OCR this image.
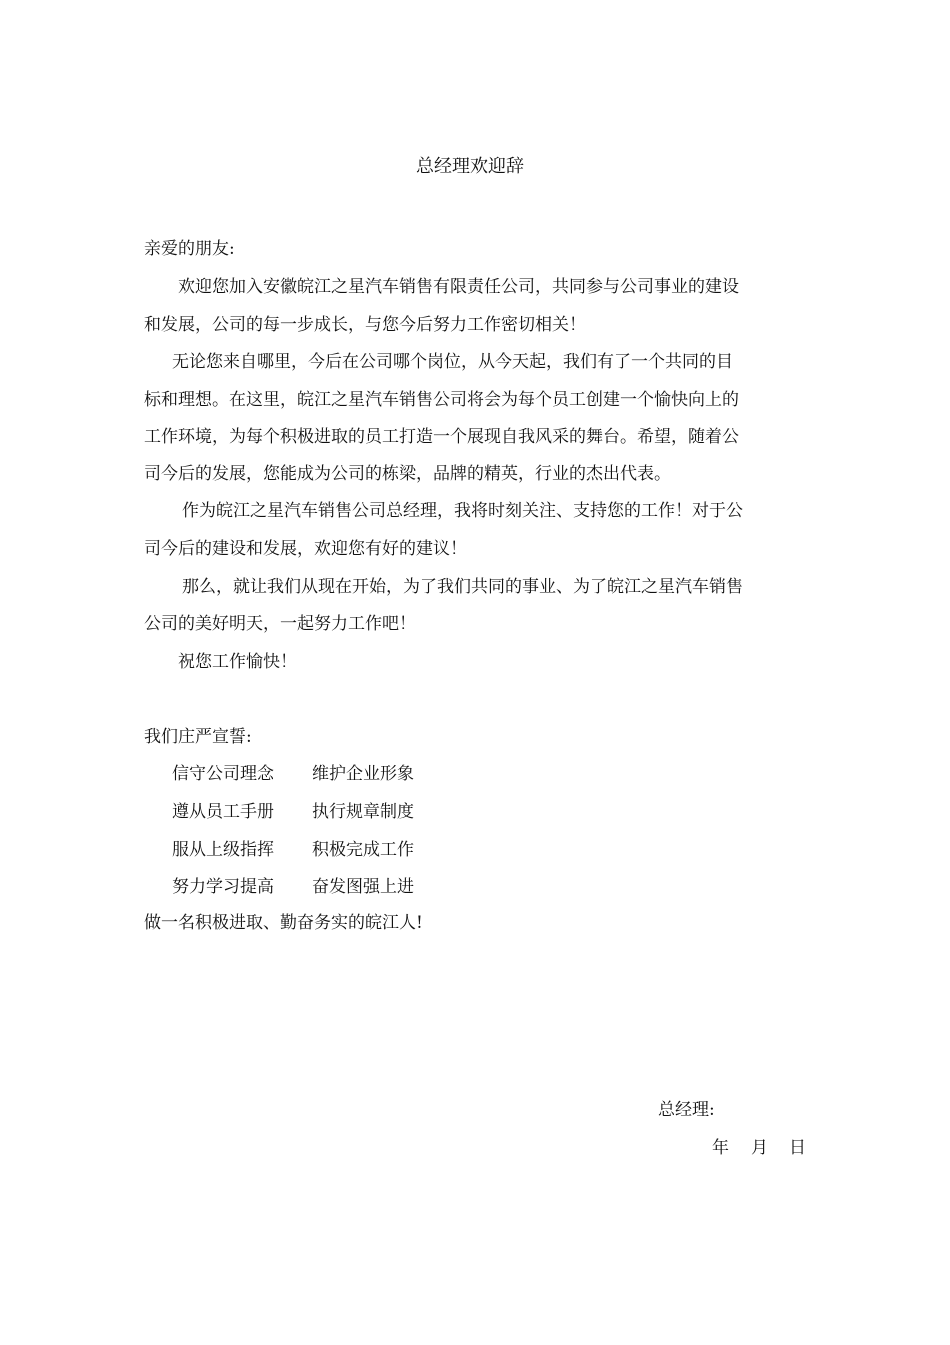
总经理欢迎辞
亲爱的朋友:
欢迎您加入安徽皖江之星汽车销售有限责任公司，共同参与公司事业的建设
和发展，公司的每一步成长，与您今后努力工作密切相关！
无论您来自哪里，今后在公司哪个岗位，从今天起，我们有了一个共同的目
标和理想。在这里，皖江之星汽车销售公司将会为每个员工创建一个愉快向上的
工作环境，为每个积极进取的员工打造一个展现自我风采的舞台。希望，随着公
司今后的发展，您能成为公司的栋梁，品牌的精英，行业的杰出代表。
作为皖江之星汽车销售公司总经理，我将时刻关注、支持您的工作！对于公
司今后的建设和发展，欢迎您有好的建议！
那么，就让我们从现在开始，为了我们共同的事业、为了皖江之星汽车销售
公司的美好明天，一起努力工作吧！
祝您工作愉快！
我们庄严宣誓:
信守公司理念 维护企业形象
遵从员工手册 执行规章制度
服从上级指挥 积极完成工作
努力学习提高 奋发图强上进
做一名积极进取、勤奋务实的皖江人!
总经理:
年 月 日
